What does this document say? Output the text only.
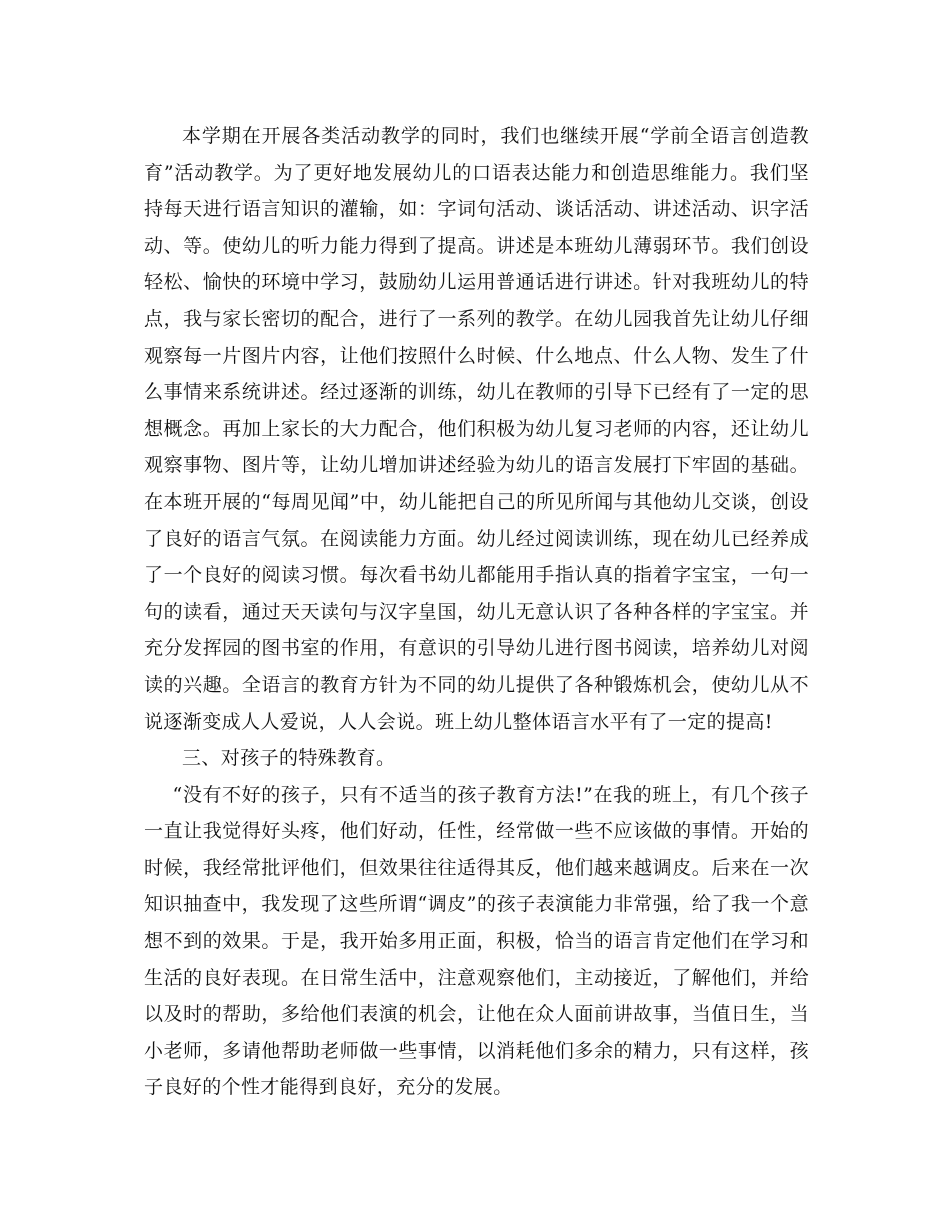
本学期在开展各类活动教学的同时，我们也继续开展“学前全语言创造教育”活动教学。为了更好地发展幼儿的口语表达能力和创造思维能力。我们坚持每天进行语言知识的灌输，如：字词句活动、谈话活动、讲述活动、识字活动、等。使幼儿的听力能力得到了提高。讲述是本班幼儿薄弱环节。我们创设轻松、愉快的环境中学习，鼓励幼儿运用普通话进行讲述。针对我班幼儿的特点，我与家长密切的配合，进行了一系列的教学。在幼儿园我首先让幼儿仔细观察每一片图片内容，让他们按照什么时候、什么地点、什么人物、发生了什么事情来系统讲述。经过逐渐的训练，幼儿在教师的引导下已经有了一定的思想概念。再加上家长的大力配合，他们积极为幼儿复习老师的内容，还让幼儿观察事物、图片等，让幼儿增加讲述经验为幼儿的语言发展打下牢固的基础。在本班开展的“每周见闻”中，幼儿能把自己的所见所闻与其他幼儿交谈，创设了良好的语言气氛。在阅读能力方面。幼儿经过阅读训练，现在幼儿已经养成了一个良好的阅读习惯。每次看书幼儿都能用手指认真的指着字宝宝，一句一句的读看，通过天天读句与汉字皇国，幼儿无意认识了各种各样的字宝宝。并充分发挥园的图书室的作用，有意识的引导幼儿进行图书阅读，培养幼儿对阅读的兴趣。全语言的教育方针为不同的幼儿提供了各种锻炼机会，使幼儿从不说逐渐变成人人爱说，人人会说。班上幼儿整体语言水平有了一定的提高!

三、对孩子的特殊教育。

“没有不好的孩子，只有不适当的孩子教育方法!”在我的班上，有几个孩子一直让我觉得好头疼，他们好动，任性，经常做一些不应该做的事情。开始的时候，我经常批评他们，但效果往往适得其反，他们越来越调皮。后来在一次知识抽查中，我发现了这些所谓“调皮”的孩子表演能力非常强，给了我一个意想不到的效果。于是，我开始多用正面，积极，恰当的语言肯定他们在学习和生活的良好表现。在日常生活中，注意观察他们，主动接近，了解他们，并给以及时的帮助，多给他们表演的机会，让他在众人面前讲故事，当值日生，当小老师，多请他帮助老师做一些事情，以消耗他们多余的精力，只有这样，孩子良好的个性才能得到良好，充分的发展。
